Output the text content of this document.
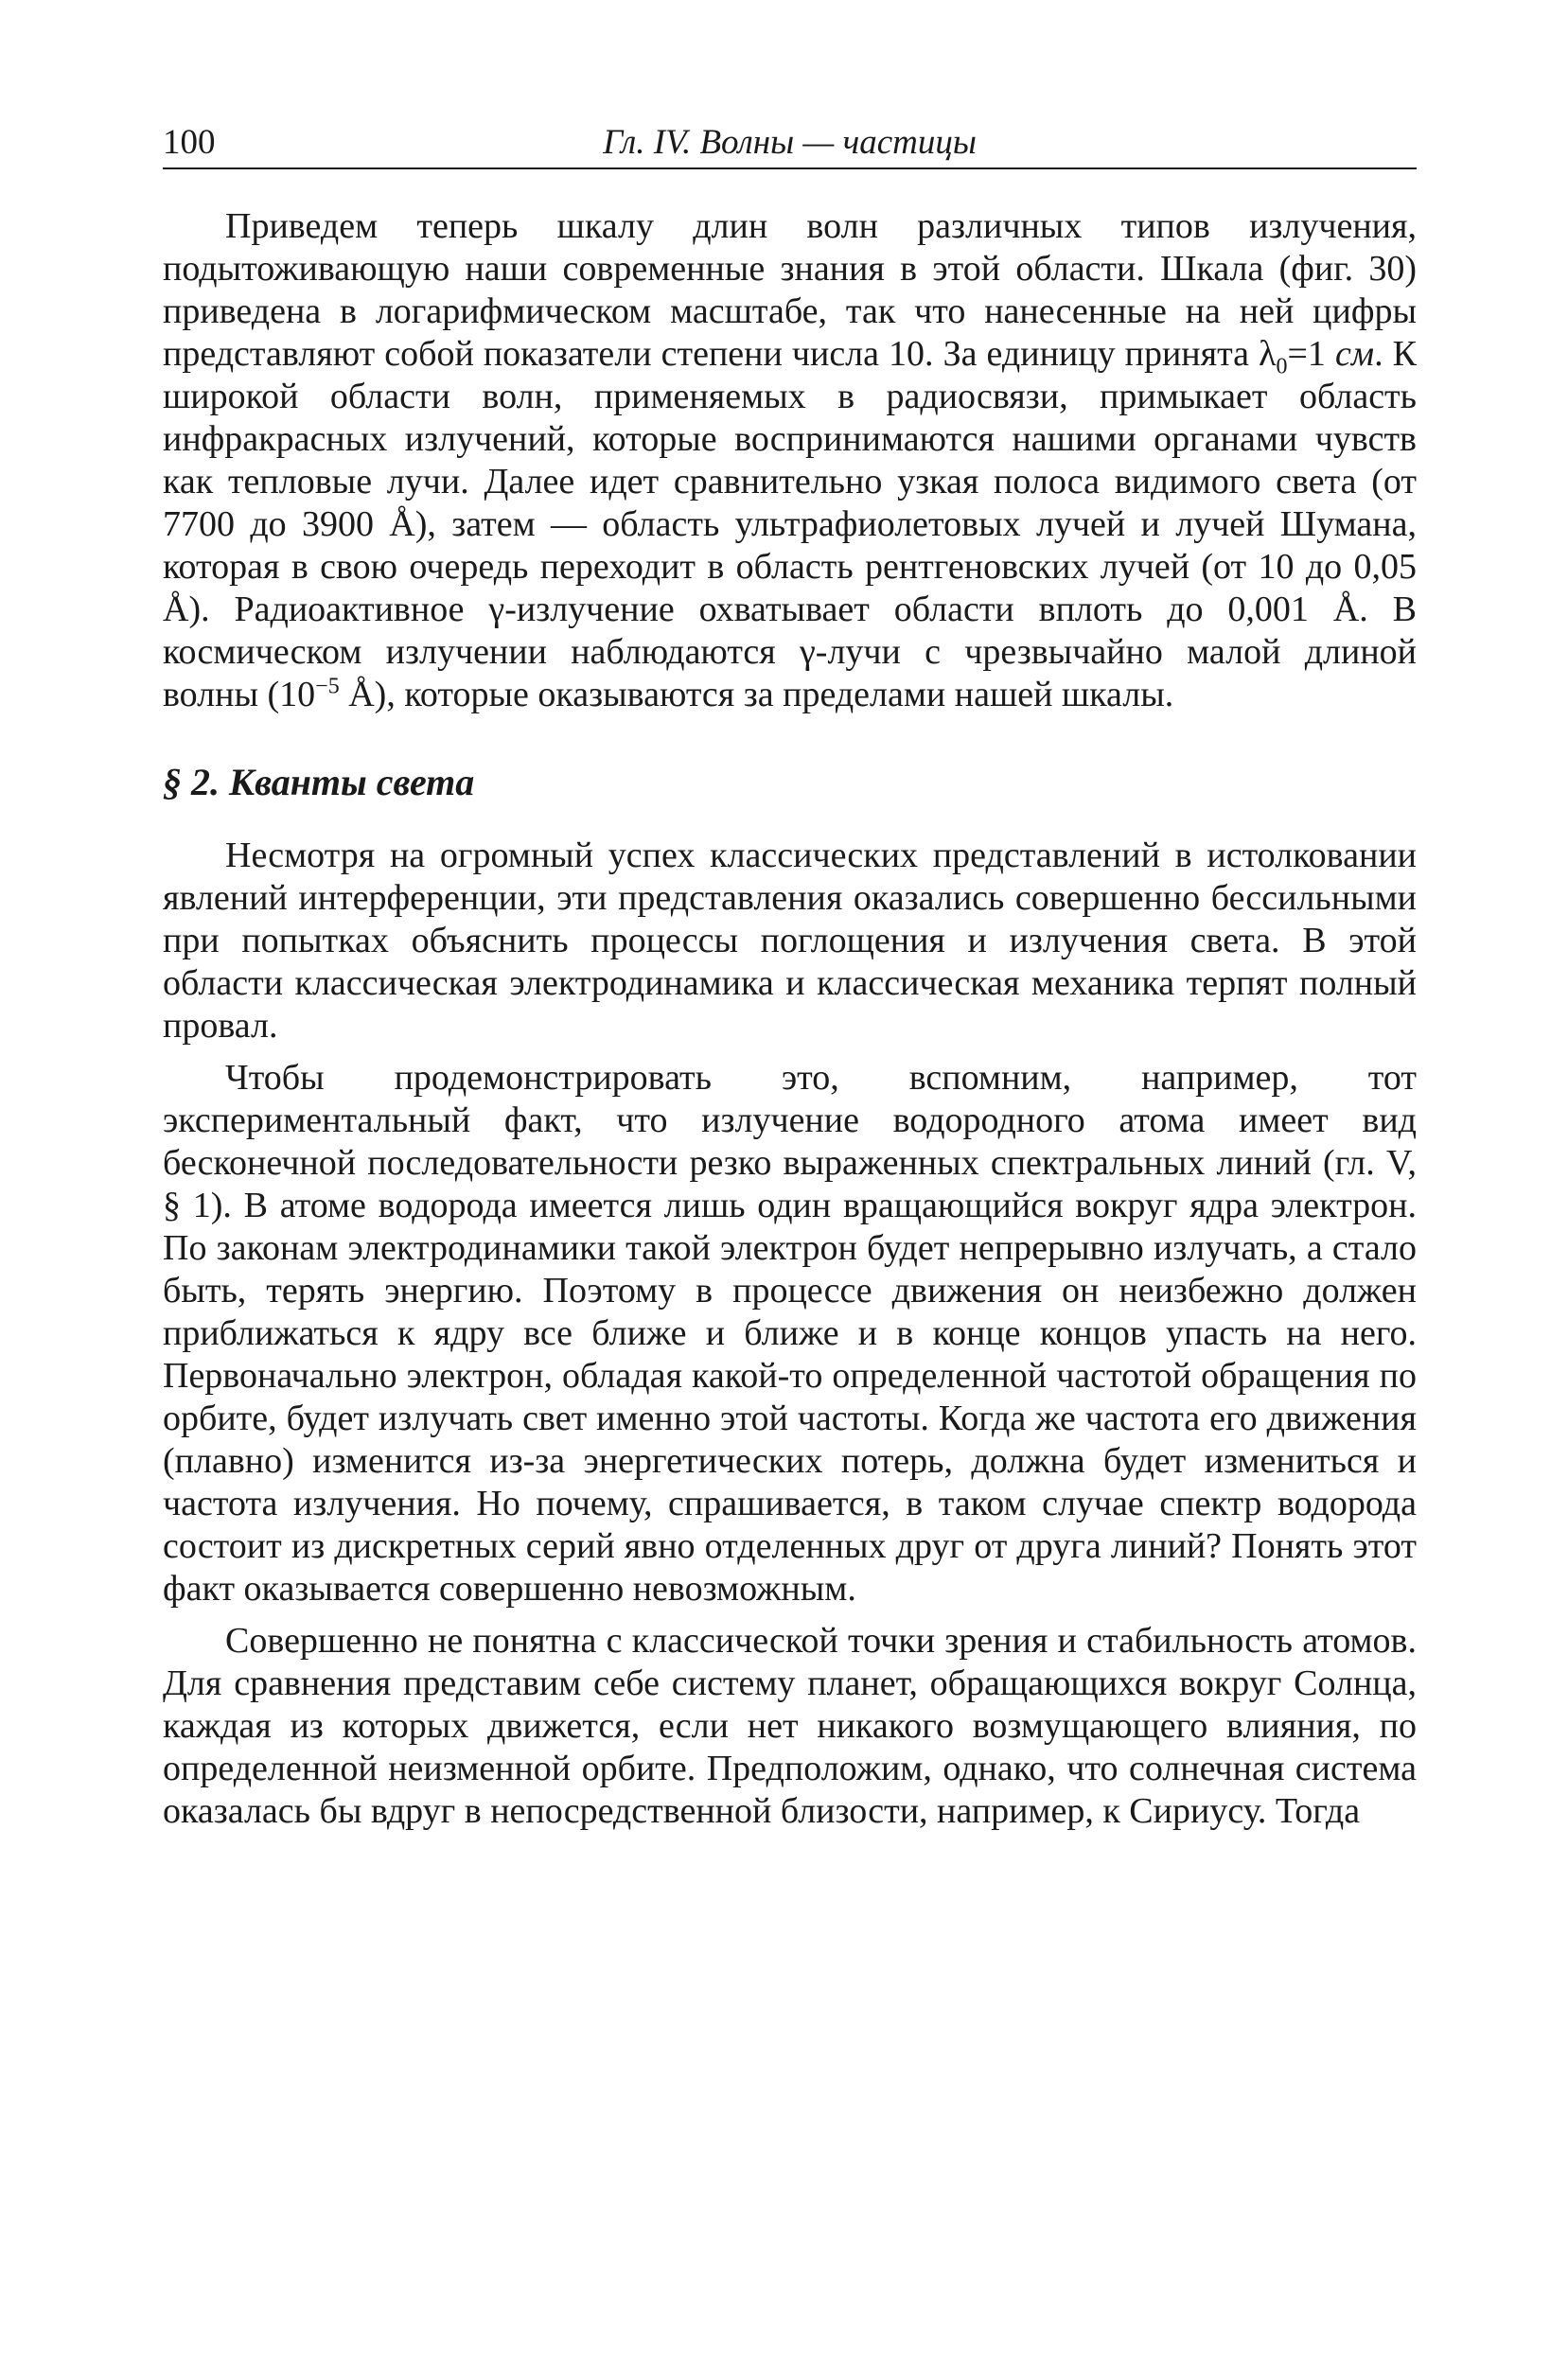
100	Гл. IV. Волны — частицы

Приведем теперь шкалу длин волн различных типов излучения, подытоживающую наши современные знания в этой области. Шкала (фиг. 30) приведена в логарифмическом масштабе, так что нанесенные на ней цифры представляют собой показатели степени числа 10. За единицу принята $\lambda_0=1$ см. К широкой области волн, применяемых в радиосвязи, примыкает область инфракрасных излучений, которые воспринимаются нашими органами чувств как тепловые лучи. Далее идет сравнительно узкая полоса видимого света (от 7700 до 3900 Å), затем — область ультрафиолетовых лучей и лучей Шумана, которая в свою очередь переходит в область рентгеновских лучей (от 10 до 0,05 Å). Радиоактивное γ-излучение охватывает области вплоть до 0,001 Å. В космическом излучении наблюдаются γ-лучи с чрезвычайно малой длиной волны ($10^{-5}$ Å), которые оказываются за пределами нашей шкалы.

§ 2. Кванты света

Несмотря на огромный успех классических представлений в истолковании явлений интерференции, эти представления оказались совершенно бессильными при попытках объяснить процессы поглощения и излучения света. В этой области классическая электродинамика и классическая механика терпят полный провал.

Чтобы продемонстрировать это, вспомним, например, тот экспериментальный факт, что излучение водородного атома имеет вид бесконечной последовательности резко выраженных спектральных линий (гл. V, § 1). В атоме водорода имеется лишь один вращающийся вокруг ядра электрон. По законам электродинамики такой электрон будет непрерывно излучать, а стало быть, терять энергию. Поэтому в процессе движения он неизбежно должен приближаться к ядру все ближе и ближе и в конце концов упасть на него. Первоначально электрон, обладая какой-то определенной частотой обращения по орбите, будет излучать свет именно этой частоты. Когда же частота его движения (плавно) изменится из-за энергетических потерь, должна будет измениться и частота излучения. Но почему, спрашивается, в таком случае спектр водорода состоит из дискретных серий явно отделенных друг от друга линий? Понять этот факт оказывается совершенно невозможным.

Совершенно не понятна с классической точки зрения и стабильность атомов. Для сравнения представим себе систему планет, обращающихся вокруг Солнца, каждая из которых движется, если нет никакого возмущающего влияния, по определенной неизменной орбите. Предположим, однако, что солнечная система оказалась бы вдруг в непосредственной близости, например, к Сириусу. Тогда
